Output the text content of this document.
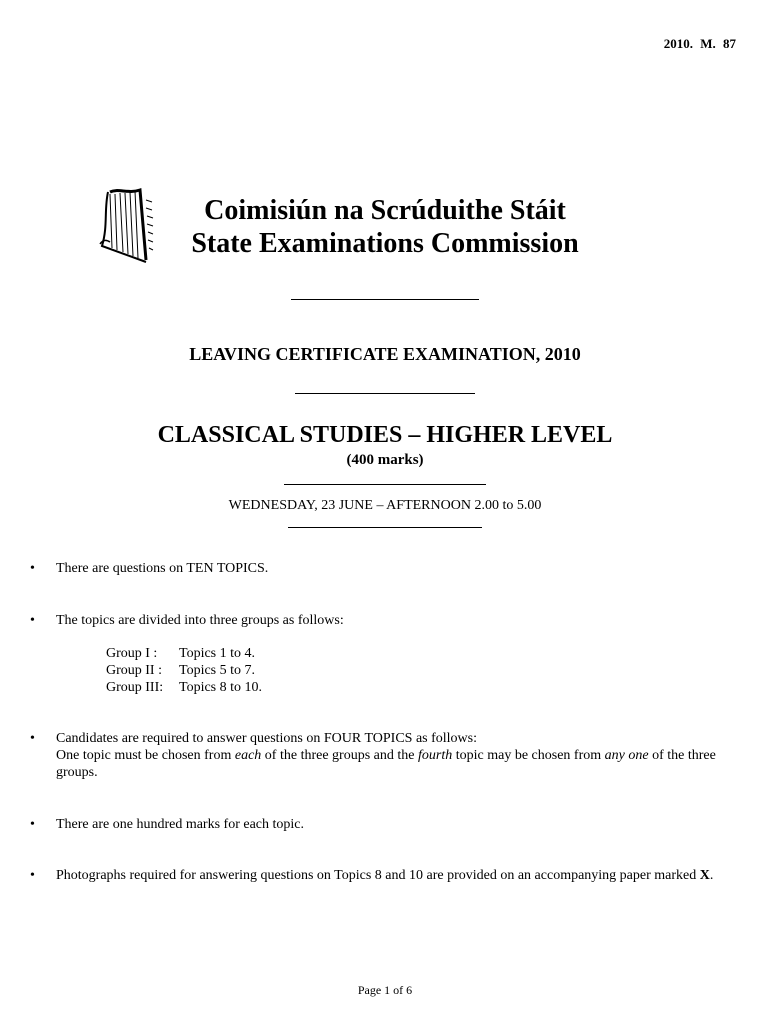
2010. M. 87
Coimisiún na Scrúduithe Stáit
State Examinations Commission
LEAVING CERTIFICATE EXAMINATION, 2010
CLASSICAL STUDIES – HIGHER LEVEL
(400 marks)
WEDNESDAY, 23 JUNE – AFTERNOON 2.00 to 5.00
• There are questions on TEN TOPICS.
• The topics are divided into three groups as follows:
Group I : Topics 1 to 4.
Group II : Topics 5 to 7.
Group III: Topics 8 to 10.
• Candidates are required to answer questions on FOUR TOPICS as follows:
One topic must be chosen from each of the three groups and the fourth topic may be chosen from any one of the three groups.
• There are one hundred marks for each topic.
• Photographs required for answering questions on Topics 8 and 10 are provided on an accompanying paper marked X.
Page 1 of 6
